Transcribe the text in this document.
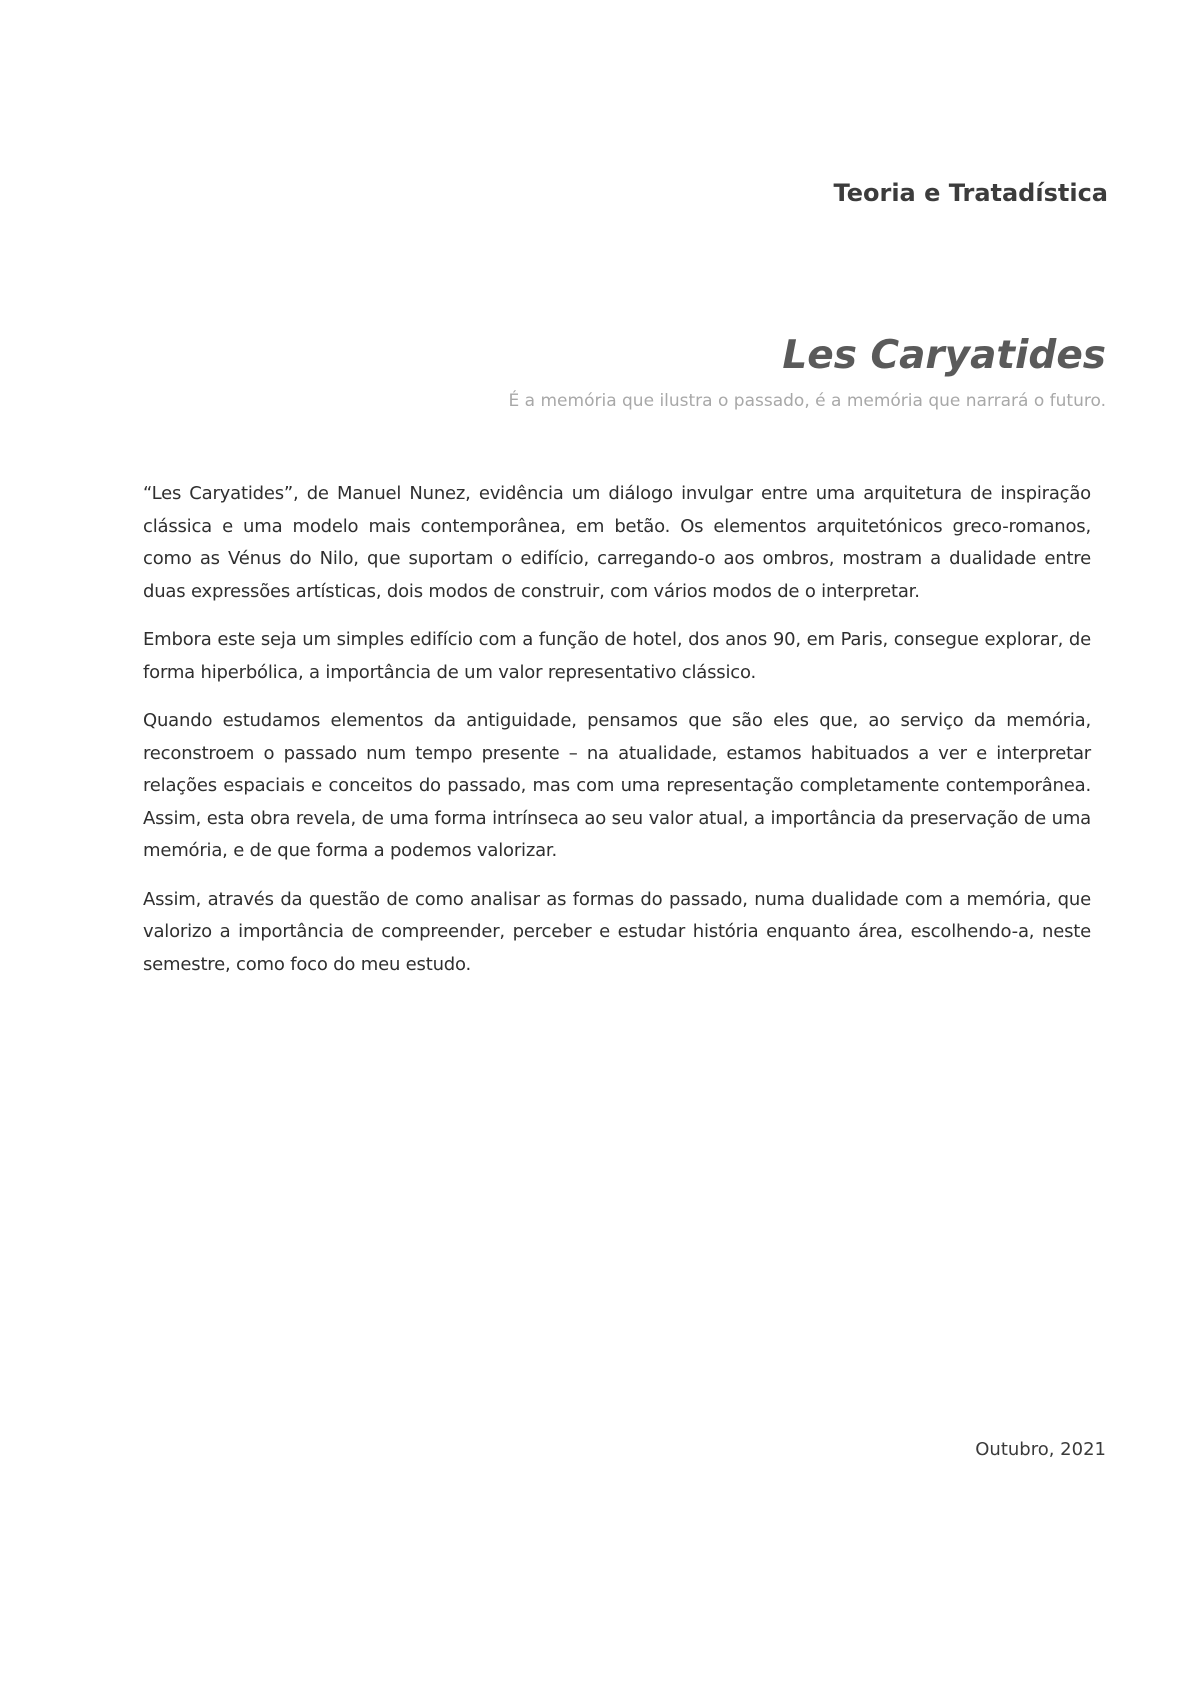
Teoria e Tratadística
Les Caryatides
É a memória que ilustra o passado, é a memória que narrará o futuro.

“Les Caryatides”, de Manuel Nunez, evidência um diálogo invulgar entre uma arquitetura de inspiração clássica e uma modelo mais contemporânea, em betão. Os elementos arquitetónicos greco-romanos, como as Vénus do Nilo, que suportam o edifício, carregando-o aos ombros, mostram a dualidade entre duas expressões artísticas, dois modos de construir, com vários modos de o interpretar.

Embora este seja um simples edifício com a função de hotel, dos anos 90, em Paris, consegue explorar, de forma hiperbólica, a importância de um valor representativo clássico.

Quando estudamos elementos da antiguidade, pensamos que são eles que, ao serviço da memória, reconstroem o passado num tempo presente – na atualidade, estamos habituados a ver e interpretar relações espaciais e conceitos do passado, mas com uma representação completamente contemporânea. Assim, esta obra revela, de uma forma intrínseca ao seu valor atual, a importância da preservação de uma memória, e de que forma a podemos valorizar.

Assim, através da questão de como analisar as formas do passado, numa dualidade com a memória, que valorizo a importância de compreender, perceber e estudar história enquanto área, escolhendo-a, neste semestre, como foco do meu estudo.

Outubro, 2021
